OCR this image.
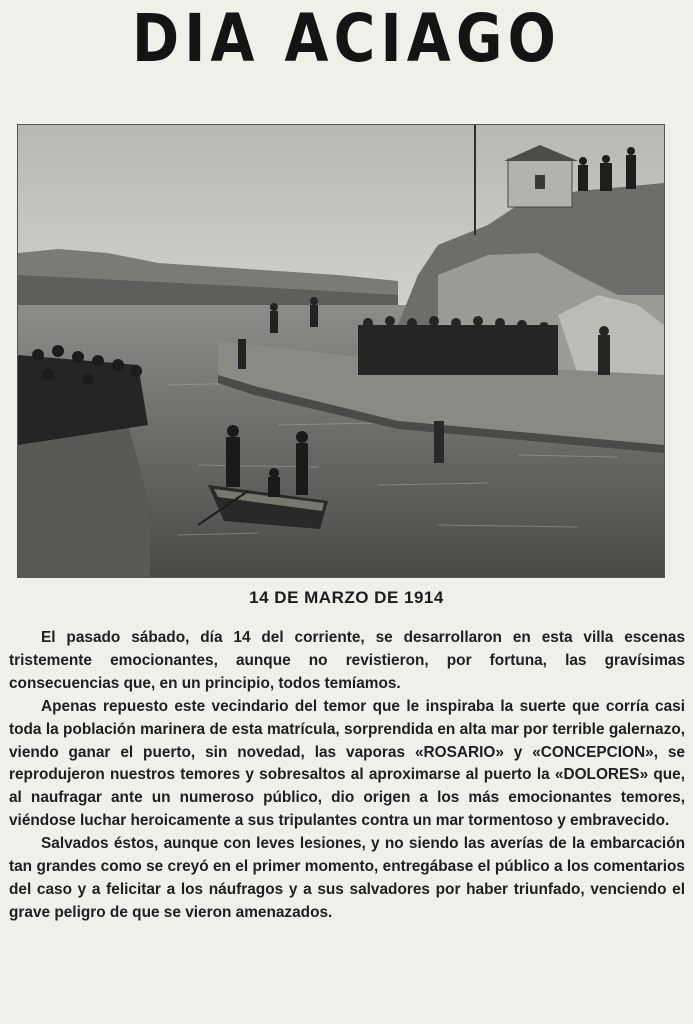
DIA ACIAGO
14 DE MARZO DE 1914

El pasado sábado, día 14 del corriente, se desarrollaron en esta villa escenas tristemente emocionantes, aunque no revistieron, por fortuna, las gravísimas consecuencias que, en un principio, todos temíamos.

Apenas repuesto este vecindario del temor que le inspiraba la suerte que corría casi toda la población marinera de esta matrícula, sorprendida en alta mar por terrible galernazo, viendo ganar el puerto, sin novedad, las vaporas «ROSARIO» y «CONCEPCION», se reprodujeron nuestros temores y sobresaltos al aproximarse al puerto la «DOLORES» que, al naufragar ante un numeroso público, dio origen a los más emocionantes temores, viéndose luchar heroicamente a sus tripulantes contra un mar tormentoso y embravecido.

Salvados éstos, aunque con leves lesiones, y no siendo las averías de la embarcación tan grandes como se creyó en el primer momento, entregábase el público a los comentarios del caso y a felicitar a los náufragos y a sus salvadores por haber triunfado, venciendo el grave peligro de que se vieron amenazados.
